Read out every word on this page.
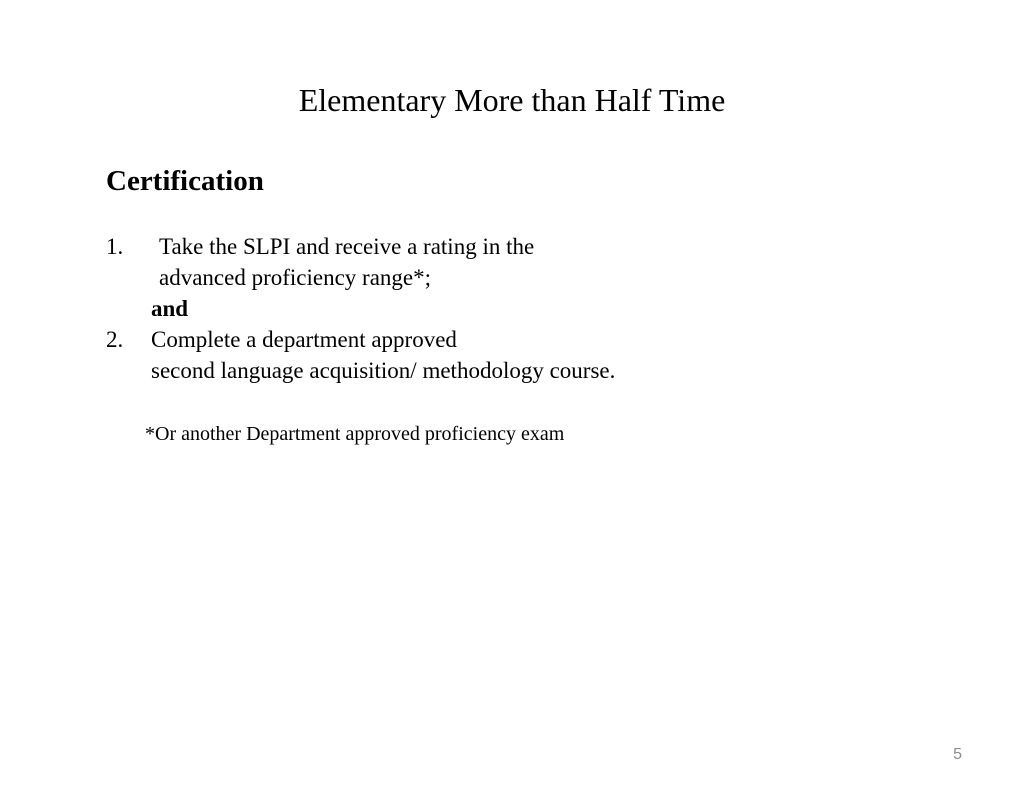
Elementary More than Half Time
Certification
1. Take the SLPI and receive a rating in the
advanced proficiency range*;
and
2. Complete a department approved
second language acquisition/ methodology course.
*Or another Department approved proficiency exam
5
